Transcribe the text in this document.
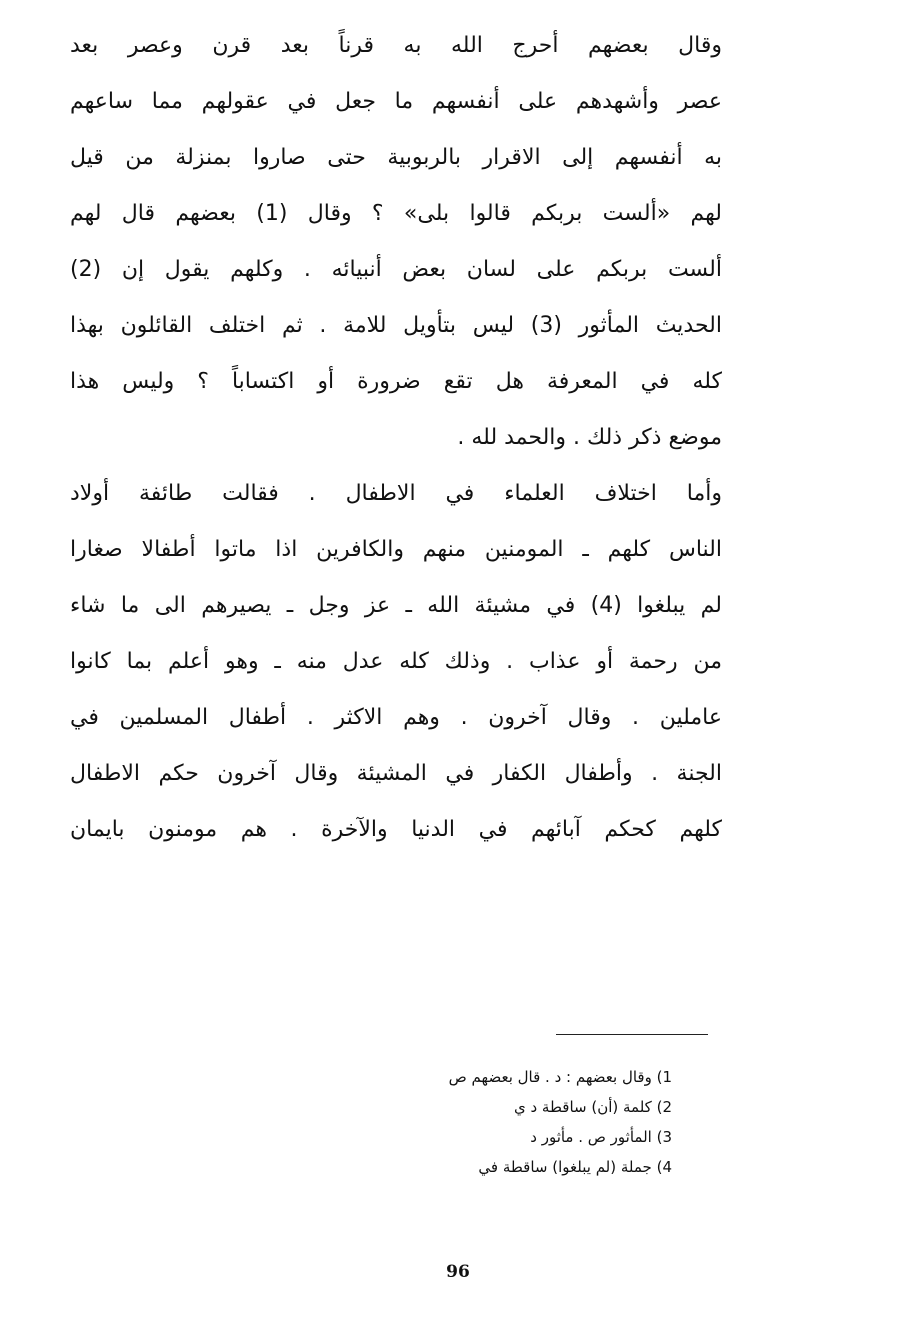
وقال بعضهم أحرج الله به قرناً بعد قرن وعصر بعد
عصر وأشهدهم على أنفسهم ما جعل في عقولهم مما ساعهم
به أنفسهم إلى الاقرار بالربوبية حتى صاروا بمنزلة من قيل
لهم «ألست بربكم قالوا بلى» ؟ وقال (1) بعضهم قال لهم
ألست بربكم على لسان بعض أنبيائه . وكلهم يقول إن (2)
الحديث المأثور (3) ليس بتأويل للامة . ثم اختلف القائلون بهذا
كله في المعرفة هل تقع ضرورة أو اكتساباً ؟ وليس هذا
موضع ذكر ذلك . والحمد لله .
وأما اختلاف العلماء في الاطفال . فقالت طائفة أولاد
الناس كلهم ـ المومنين منهم والكافرين اذا ماتوا أطفالا صغارا
لم يبلغوا (4) في مشيئة الله ـ عز وجل ـ يصيرهم الى ما شاء
من رحمة أو عذاب . وذلك كله عدل منه ـ وهو أعلم بما كانوا
عاملين . وقال آخرون . وهم الاكثر . أطفال المسلمين في
الجنة . وأطفال الكفار في المشيئة وقال آخرون حكم الاطفال
كلهم كحكم آبائهم في الدنيا والآخرة . هم مومنون بايمان
1) وقال بعضهم : د . قال بعضهم ص
2) كلمة (أن) ساقطة د ي
3) المأثور ص . مأثور د
4) جملة (لم يبلغوا) ساقطة في
96
